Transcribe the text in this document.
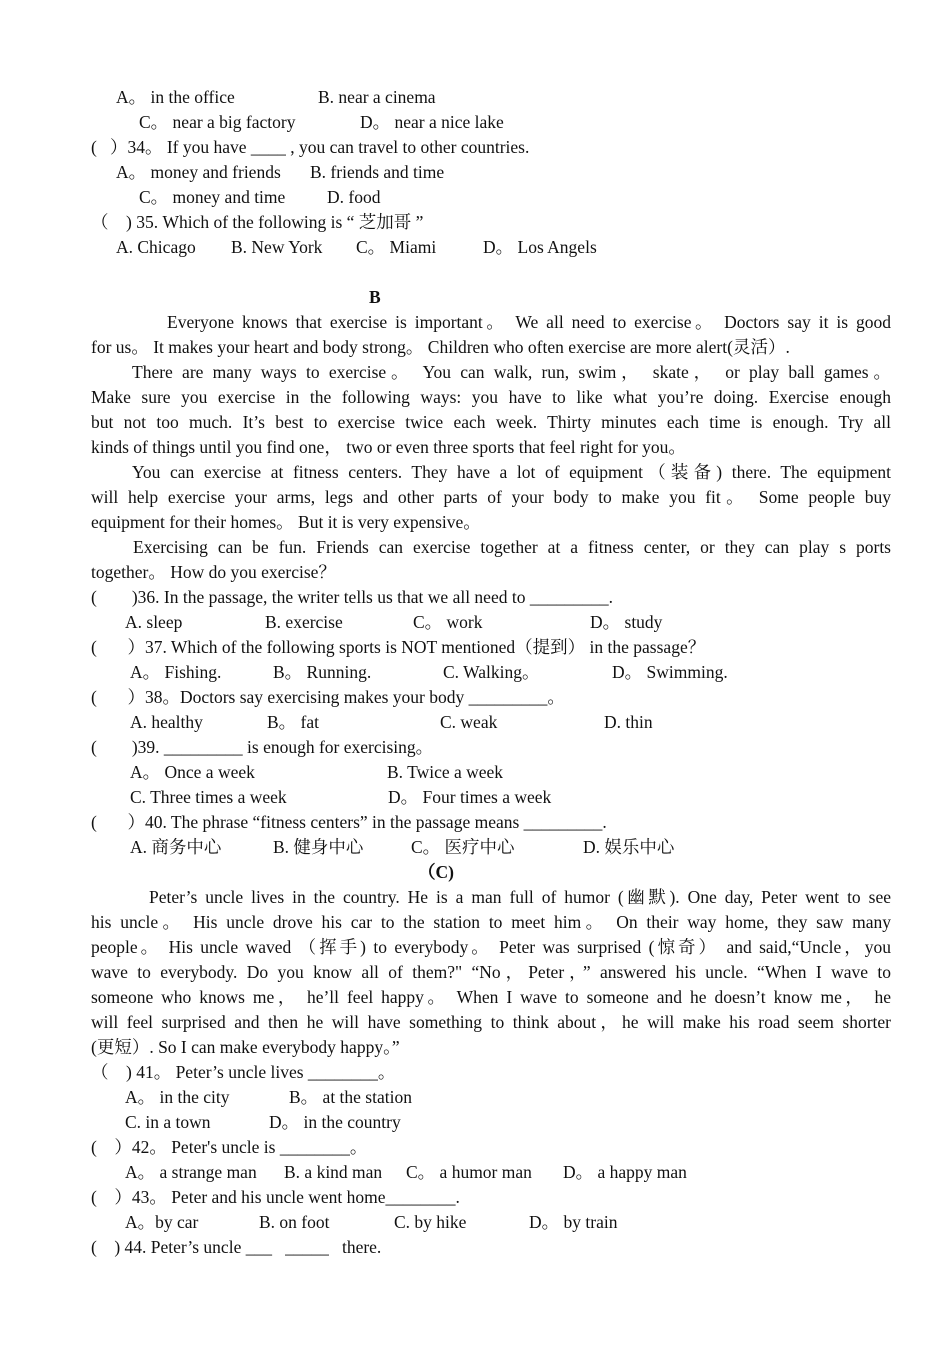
A。 in the office

	B. near a cinema

C。 near a big factory

	D。 near a nice lake

(   ）34。 If you have ____ , you can travel to other countries.

A。 money and friends

B. friends and time

C。 money and time

D. food

（    ) 35. Which of the following is “ 芝加哥 ”

A. Chicago

B. New York

C。 Miami

	D。 Los Angels

B
Everyone knows that exercise is important。 We all need to exercise。 Doctors say it is good
for us。 It makes your heart and body strong。 Children who often exercise are more alert(灵活）.
There are many ways to exercise。 You can walk, run, swim， skate， or play ball games。
Make sure you exercise in the following ways: you have to like what you’re doing. Exercise enough
but not too much. It’s best to exercise twice each week. Thirty minutes each time is enough. Try all
kinds of things until you find one， two or even three sports that feel right for you。
You can exercise at fitness centers. They have a lot of equipment（装备) there. The equipment
will help exercise your arms, legs and other parts of your body to make you fit。 Some people buy
equipment for their homes。 But it is very expensive。
Exercising can be fun. Friends can exercise together at a fitness center, or they can play s ports
together。 How do you exercise？

(        )36. In the passage, the writer tells us that we all need to _________.

A. sleep

	B. exercise

	C。 work

	D。 study

(       ）37. Which of the following sports is NOT mentioned（提到） in the passage？

A。 Fishing.

	B。 Running.

	C. Walking。

	D。 Swimming.

(       ）38。Doctors say exercising makes your body _________。

A. healthy

	B。 fat

	C. weak

	D. thin

(        )39. _________ is enough for exercising。

A。 Once a week

	B. Twice a week

C. Three times a week

	D。 Four times a week

(       ）40. The phrase “fitness centers” in the passage means _________.

A. 商务中心

	B. 健身中心

	C。 医疗中心

	D. 娱乐中心

（C)
Peter’s uncle lives in the country. He is a man full of humor (幽默). One day, Peter went to see
his uncle。 His uncle drove his car to the station to meet him。 On their way home, they saw many
people。 His uncle waved （挥手) to everybody。 Peter was surprised (惊奇） and said,“Uncle，you
wave to everybody. Do you know all of them?" “No，Peter，” answered his uncle. “When I wave to
someone who knows me， he’ll feel happy。 When I wave to someone and he doesn’t know me， he
will feel surprised and then he will have something to think about，he will make his road seem shorter
(更短）. So I can make everybody happy。”

（    ) 41。 Peter’s uncle lives ________。

A。 in the city

	B。 at the station

C. in a town

	D。 in the country

(    ）42。 Peter's uncle is ________。

A。 a strange man

B. a kind man

C。 a humor man

D。 a happy man

(    ）43。 Peter and his uncle went home________.

A。by car

	B. on foot

	C. by hike

	D。 by train

(    ) 44. Peter’s uncle ___   _____   there.
